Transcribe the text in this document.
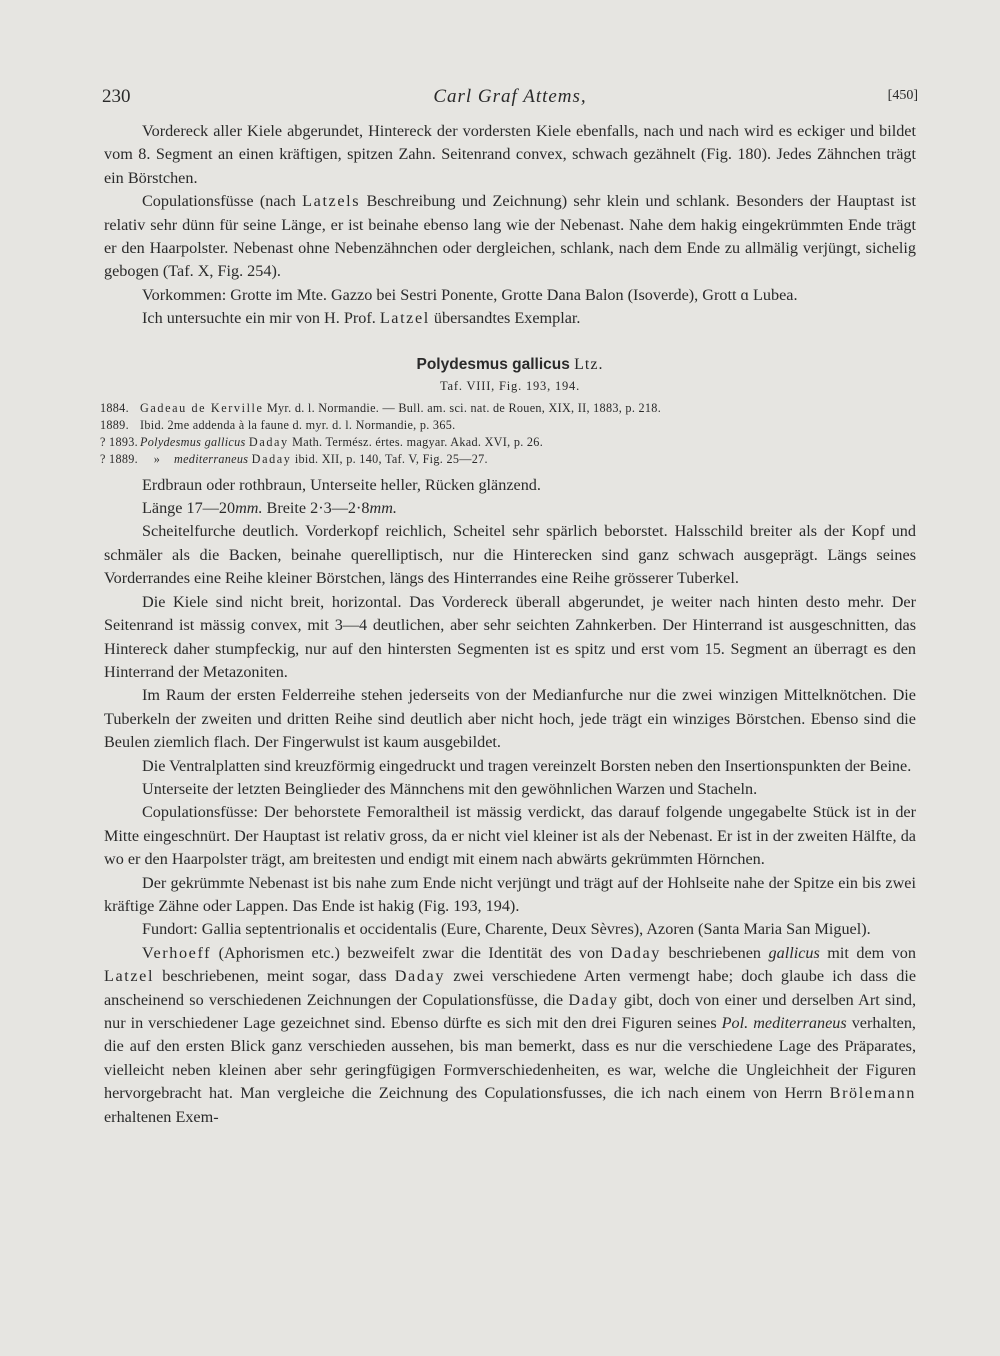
230	Carl Graf Attems,	[450]

Vordereck aller Kiele abgerundet, Hintereck der vordersten Kiele ebenfalls, nach und nach wird es eckiger und bildet vom 8. Segment an einen kräftigen, spitzen Zahn. Seitenrand convex, schwach gezähnelt (Fig. 180). Jedes Zähnchen trägt ein Börstchen.

Copulationsfüsse (nach Latzels Beschreibung und Zeichnung) sehr klein und schlank. Besonders der Hauptast ist relativ sehr dünn für seine Länge, er ist beinahe ebenso lang wie der Nebenast. Nahe dem hakig eingekrümmten Ende trägt er den Haarpolster. Nebenast ohne Nebenzähnchen oder dergleichen, schlank, nach dem Ende zu allmälig verjüngt, sichelig gebogen (Taf. X, Fig. 254).

Vorkommen: Grotte im Mte. Gazzo bei Sestri Ponente, Grotte Dana Balon (Isoverde), Grott ɑ Lubea.

Ich untersuchte ein mir von H. Prof. Latzel übersandtes Exemplar.

Polydesmus gallicus Ltz.
Taf. VIII, Fig. 193, 194.
1884. Gadeau de Kerville Myr. d. l. Normandie. — Bull. am. sci. nat. de Rouen, XIX, II, 1883, p. 218.
1889. Ibid. 2me addenda à la faune d. myr. d. l. Normandie, p. 365.
? 1893. Polydesmus gallicus Daday Math. Termész. értes. magyar. Akad. XVI, p. 26.
? 1889. » mediterraneus Daday ibid. XII, p. 140, Taf. V, Fig. 25—27.

Erdbraun oder rothbraun, Unterseite heller, Rücken glänzend.

Länge 17—20mm. Breite 2·3—2·8mm.

Scheitelfurche deutlich. Vorderkopf reichlich, Scheitel sehr spärlich beborstet. Halsschild breiter als der Kopf und schmäler als die Backen, beinahe querelliptisch, nur die Hinterecken sind ganz schwach ausgeprägt. Längs seines Vorderrandes eine Reihe kleiner Börstchen, längs des Hinterrandes eine Reihe grösserer Tuberkel.

Die Kiele sind nicht breit, horizontal. Das Vordereck überall abgerundet, je weiter nach hinten desto mehr. Der Seitenrand ist mässig convex, mit 3—4 deutlichen, aber sehr seichten Zahnkerben. Der Hinterrand ist ausgeschnitten, das Hintereck daher stumpfeckig, nur auf den hintersten Segmenten ist es spitz und erst vom 15. Segment an überragt es den Hinterrand der Metazoniten.

Im Raum der ersten Felderreihe stehen jederseits von der Medianfurche nur die zwei winzigen Mittelknötchen. Die Tuberkeln der zweiten und dritten Reihe sind deutlich aber nicht hoch, jede trägt ein winziges Börstchen. Ebenso sind die Beulen ziemlich flach. Der Fingerwulst ist kaum ausgebildet.

Die Ventralplatten sind kreuzförmig eingedruckt und tragen vereinzelt Borsten neben den Insertionspunkten der Beine.

Unterseite der letzten Beinglieder des Männchens mit den gewöhnlichen Warzen und Stacheln.

Copulationsfüsse: Der behorstete Femoraltheil ist mässig verdickt, das darauf folgende ungegabelte Stück ist in der Mitte eingeschnürt. Der Hauptast ist relativ gross, da er nicht viel kleiner ist als der Nebenast. Er ist in der zweiten Hälfte, da wo er den Haarpolster trägt, am breitesten und endigt mit einem nach abwärts gekrümmten Hörnchen.

Der gekrümmte Nebenast ist bis nahe zum Ende nicht verjüngt und trägt auf der Hohlseite nahe der Spitze ein bis zwei kräftige Zähne oder Lappen. Das Ende ist hakig (Fig. 193, 194).

Fundort: Gallia septentrionalis et occidentalis (Eure, Charente, Deux Sèvres), Azoren (Santa Maria San Miguel).

Verhoeff (Aphorismen etc.) bezweifelt zwar die Identität des von Daday beschriebenen gallicus mit dem von Latzel beschriebenen, meint sogar, dass Daday zwei verschiedene Arten vermengt habe; doch glaube ich dass die anscheinend so verschiedenen Zeichnungen der Copulationsfüsse, die Daday gibt, doch von einer und derselben Art sind, nur in verschiedener Lage gezeichnet sind. Ebenso dürfte es sich mit den drei Figuren seines Pol. mediterraneus verhalten, die auf den ersten Blick ganz verschieden aussehen, bis man bemerkt, dass es nur die verschiedene Lage des Präparates, vielleicht neben kleinen aber sehr geringfügigen Formverschiedenheiten, es war, welche die Ungleichheit der Figuren hervorgebracht hat. Man vergleiche die Zeichnung des Copulationsfusses, die ich nach einem von Herrn Brölemann erhaltenen Exem-
